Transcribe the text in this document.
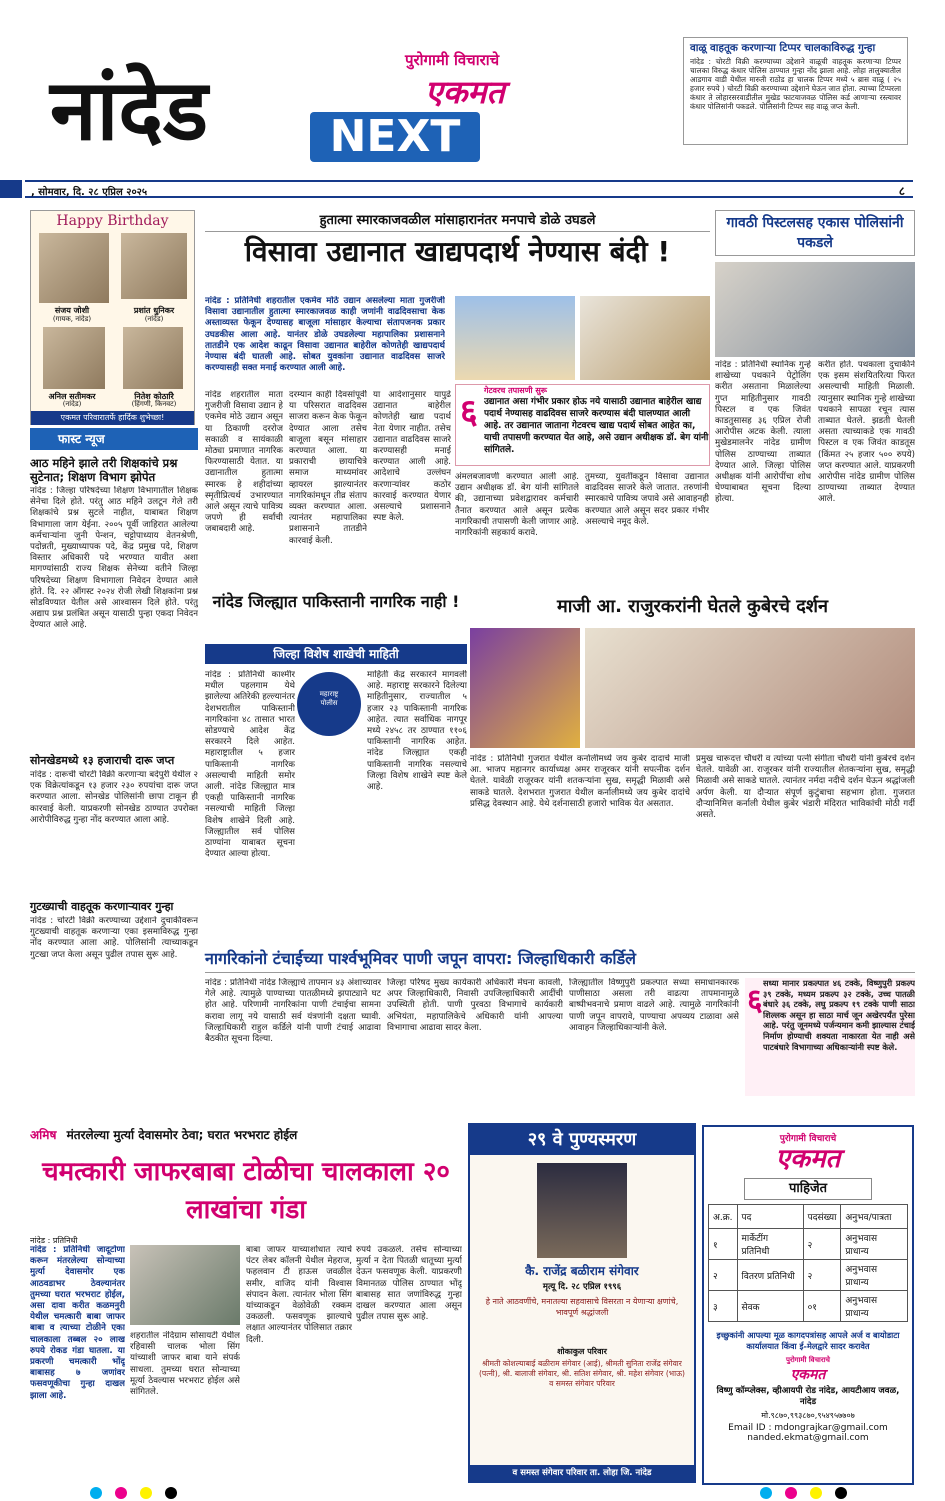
नांदेड
पुरोगामी विचाराचे
एकमत
NEXT
वाळू वाहतूक करणाऱ्या टिप्पर चालकाविरुद्ध गुन्हा
नांदेड : चोरटी विक्री करण्याच्या उद्देशाने वाळूची वाहतूक करणाऱ्या टिप्पर चालका विरुद्ध कंधार पोलिस ठाण्यात गुन्हा नोंद झाला आहे. लोहा तालुक्यातील आडगाव वाडी येथील मारुती राठोड हा चालक टिप्पर मध्ये ५ ब्रास वाळू ( २५ हजार रुपये ) चोरटी विक्री करण्याच्या उद्देशाने घेऊन जात होता. त्याच्या टिप्परला कंधार ते लोहारसरवाडीतील मुखेड फाटयाजवळ पोलिस कर्ड आणाऱ्या रस्त्यावर कंधार पोलिसांनी पकडले. पोलिसांनी टिप्पर सह वाळू जप्त केली.
, सोमवार, दि. २८ एप्रिल २०२५	८
Happy Birthday
संजय जोशी
(गायक, नांदेड)
प्रशांत धुनिकर
(नांदेड)
अनिल सतीमकर
(नांदेड)
नितेश कोठारेि
(हिंगणी, किनवट)
एकमत परिवारातर्फे हार्दिक शुभेच्छा!
फास्ट न्यूज
आठ महिने झाले तरी शिक्षकांचे प्रश्न सुटेनात; शिक्षण विभाग झोपेत
नांदेड : जिल्हा परिषदेच्या शिक्षण विभागातील शिक्षक सेनेचा दिले होते. परंतु आठ महिने उलटून गेले तरी शिक्षकांचे प्रश्न सुटले नाहीत, याबाबत शिक्षण विभागाला जाग येईना. २००५ पूर्वी जाहिरात आलेल्या कर्मचाऱ्यांना जुनी पेन्शन, चट्टोपाध्याय वेतनश्रेणी, पदोन्नती, मुख्याध्यापक पदे, केंद्र प्रमुख पदे, शिक्षण विस्तार अधिकारी पदे भरण्यात यावीत अशा मागण्यांसाठी राज्य शिक्षक सेनेच्या वतीने जिल्हा परिषदेच्या शिक्षण विभागाला निवेदन देण्यात आले होते. दि. २२ ऑगस्ट २०२४ रोजी लेखी शिक्षकांना प्रश्न सोडविण्यात येतील असे आश्वासन दिले होते. परंतु अद्याप प्रश्न प्रलंबित असून यासाठी पुन्हा एकदा निवेदन देण्यात आले आहे.
सोनखेडमध्ये १३ हजाराची दारू जप्त
नांदेड : दारूची चोरटी विक्री करणाऱ्या बदेपुरी येथील २ एक विक्रेत्यांकडून १३ हजार २३० रुपयांचा दारू जप्त करण्यात आला. सोनखेड पोलिसांनी छापा टाकून ही कारवाई केली. याप्रकरणी सोनखेड ठाण्यात उपरोक्त आरोपीविरुद्ध गुन्हा नोंद करण्यात आला आहे.
गुटख्याची वाहतूक करणाऱ्यावर गुन्हा
नांदेड : चोरटी विक्री करण्याच्या उद्देशाने दुचाकीवरून गुटख्याची वाहतूक करणाऱ्या एका इसमाविरुद्ध गुन्हा नोंद करण्यात आला आहे. पोलिसांनी त्याच्याकडून गुटखा जप्त केला असून पुढील तपास सुरू आहे.
हुतात्मा स्मारकाजवळील मांसाहारानंतर मनपाचे डोळे उघडले
विसावा उद्यानात खाद्यपदार्थ नेण्यास बंदी !
नांदेड : प्रतिनिधी शहरातील एकमेव मोठे उद्यान असलेल्या माता गुजरीजी विसावा उद्यानातील हुतात्मा स्मारकाजवळ काही जणांनी वाढदिवसाचा केक अस्ताव्यस्त फेकून देण्यासह बाजूला मांसाहार केल्याचा संतापजनक प्रकार उघडकीस आला आहे. यानंतर डोळे उघडलेल्या महापालिका प्रशासनाने तातडीने एक आदेश काढून विसावा उद्यानात बाहेरील कोणतेही खाद्यपदार्थ नेण्यास बंदी घातली आहे. सोबत युवकांना उद्यानात वाढदिवस साजरे करण्यासही सक्त मनाई करण्यात आली आहे.
गेटवरच तपासणी सुरू
उद्यानात असा गंभीर प्रकार होऊ नये यासाठी उद्यानात बाहेरील खाद्य पदार्थ नेण्यासह वाढदिवस साजरे करण्यास बंदी घालण्यात आली आहे. तर उद्यानात जाताना गेटवरच खाद्य पदार्थ सोबत आहेत का, याची तपासणी करण्यात येत आहे, असे उद्यान अधीक्षक डॉ. बेग यांनी सांगितले.
६
नांदेड शहरातील माता गुजरीजी विसावा उद्यान हे एकमेव मोठे उद्यान असून या ठिकाणी दररोज सकाळी व सायंकाळी मोठ्या प्रमाणात नागरिक फिरण्यासाठी येतात. या उद्यानातील हुतात्मा स्मारक हे शहीदांच्या स्मृतीप्रित्यर्थ उभारण्यात आले असून त्याचे पावित्र्य जपणे ही सर्वांची जबाबदारी आहे.
दरम्यान काही दिवसांपूर्वी या परिसरात वाढदिवस साजरा करून केक फेकून देण्यात आला तसेच बाजूला बसून मांसाहार करण्यात आला. या प्रकाराची छायाचित्रे समाज माध्यमांवर व्हायरल झाल्यानंतर नागरिकांमधून तीव्र संताप व्यक्त करण्यात आला. त्यानंतर महापालिका प्रशासनाने तातडीने कारवाई केली.
या आदेशानुसार यापुढे उद्यानात बाहेरील कोणतेही खाद्य पदार्थ नेता येणार नाहीत. तसेच उद्यानात वाढदिवस साजरे करण्यासही मनाई करण्यात आली आहे. आदेशाचे उल्लंघन करणाऱ्यांवर कठोर कारवाई करण्यात येणार असल्याचे प्रशासनाने स्पष्ट केले.
अंमलबजावणी करण्यात आली आहे. उद्यान अधीक्षक डॉ. बेग यांनी सांगितले की, उद्यानाच्या प्रवेशद्वारावर कर्मचारी तैनात करण्यात आले असून प्रत्येक नागरिकाची तपासणी केली जाणार आहे. नागरिकांनी सहकार्य करावे.
तुमच्या, युवतींकडून विसावा उद्यानात वाढदिवस साजरे केले जातात. तरुणांनी स्मारकाचे पावित्र्य जपावे असे आवाहनही करण्यात आले असून सदर प्रकार गंभीर असल्याचे नमूद केले.
गावठी पिस्टलसह एकास पोलिसांनी पकडले
नांदेड : प्रतिनिधी स्थानिक गुन्हे शाखेच्या पथकाने पेट्रोलिंग करीत असताना मिळालेल्या गुप्त माहितीनुसार गावठी पिस्टल व एक जिवंत काडतुसासह ३६ एप्रिल रोजी आरोपीस अटक केली. त्याला मुखेडमालनेर नांदेड ग्रामीण पोलिस ठाण्याच्या ताब्यात देण्यात आले. जिल्हा पोलिस अधीक्षक यांनी आरोपींचा शोध घेण्याबाबत सूचना दिल्या होत्या.
करीत होते. पथकाला दुचाकीने एक इसम संशयितरित्या फिरत असल्याची माहिती मिळाली. त्यानुसार स्थानिक गुन्हे शाखेच्या पथकाने सापळा रचून त्यास ताब्यात घेतले. झडती घेतली असता त्याच्याकडे एक गावठी पिस्टल व एक जिवंत काडतूस (किंमत २५ हजार ५०० रुपये) जप्त करण्यात आले. याप्रकरणी आरोपीस नांदेड ग्रामीण पोलिस ठाण्याच्या ताब्यात देण्यात आले.
नांदेड जिल्ह्यात पाकिस्तानी नागरिक नाही !
जिल्हा विशेष शाखेची माहिती
महाराष्ट्र
पोलीस
नांदेड : प्रतिनिधी काश्मीर मधील पहलगाम येथे झालेल्या अतिरेकी हल्ल्यानंतर देशभरातील पाकिस्तानी नागरिकांना ४८ तासात भारत सोडण्याचे आदेश केंद्र सरकारने दिले आहेत. महाराष्ट्रातील ५ हजार पाकिस्तानी नागरिक असल्याची माहिती समोर आली. नांदेड जिल्ह्यात मात्र एकही पाकिस्तानी नागरिक नसल्याची माहिती जिल्हा विशेष शाखेने दिली आहे. जिल्ह्यातील सर्व पोलिस ठाण्यांना याबाबत सूचना देण्यात आल्या होत्या.
माहिती केंद्र सरकारने मागवली आहे. महाराष्ट्र सरकारने दिलेल्या माहितीनुसार, राज्यातील ५ हजार २३ पाकिस्तानी नागरिक आहेत. त्यात सर्वाधिक नागपूर मध्ये २४५८ तर ठाण्यात ११०६ पाकिस्तानी नागरिक आहेत. नांदेड जिल्ह्यात एकही पाकिस्तानी नागरिक नसल्याचे जिल्हा विशेष शाखेने स्पष्ट केले आहे.
माजी आ. राजुरकरांनी घेतले कुबेरचे दर्शन
नांदेड : प्रतिनिधी गुजरात येथील कर्नालीमध्ये जय कुबेर दादाचे माजी आ. भाजप महानगर कार्याध्यक्ष अमर राजूरकर यांनी सपत्नीक दर्शन घेतले. यावेळी राजूरकर यांनी शतकऱ्यांना सुख, समृद्धी मिळावी असे साकडे घातले. देशभरात गुजरात येथील कर्नालीमध्ये जय कुबेर दादांचे प्रसिद्ध देवस्थान आहे. येथे दर्शनासाठी हजारो भाविक येत असतात.
प्रमुख चारूदत्त चौधरी व त्यांच्या पत्नी संगीता चौधरी यांनी कुबेरचे दर्शन घेतले. यावेळी आ. राजूरकर यांनी राज्यातील शेतकऱ्यांना सुख, समृद्धी मिळावी असे साकडे घातले. त्यानंतर नर्मदा नदीचे दर्शन घेऊन श्रद्धांजली अर्पण केली. या दौऱ्यात संपूर्ण कुटुंबाचा सहभाग होता. गुजरात दौऱ्यानिमित्त कर्नाली येथील कुबेर भंडारी मंदिरात भाविकांची मोठी गर्दी असते.
नागरिकांनो टंचाईच्या पार्श्वभूमिवर पाणी जपून वापरा: जिल्हाधिकारी कर्डिले
नांदेड : प्रतिनिधी नांदेड जिल्ह्याचे तापमान ४३ अंशाच्यावर गेले आहे. त्यामुळे पाण्याच्या पातळीमध्ये झपाट्याने घट होत आहे. परिणामी नागरिकांना पाणी टंचाईचा सामना करावा लागू नये यासाठी सर्व यंत्रणांनी दक्षता घ्यावी. जिल्हाधिकारी राहुल कर्डिले यांनी पाणी टंचाई आढावा बैठकीत सूचना दिल्या.
जिल्हा परिषद मुख्य कार्यकारी अधिकारी मेघना कावली, अपर जिल्हाधिकारी, निवासी उपजिल्हाधिकारी आदींची उपस्थिती होती. पाणी पुरवठा विभागाचे कार्यकारी अभियंता, महापालिकेचे अधिकारी यांनी आपल्या विभागाचा आढावा सादर केला.
जिल्ह्यातील विष्णुपुरी प्रकल्पात सध्या समाधानकारक पाणीसाठा असला तरी वाढत्या तापमानामुळे बाष्पीभवनाचे प्रमाण वाढले आहे. त्यामुळे नागरिकांनी पाणी जपून वापरावे, पाण्याचा अपव्यय टाळावा असे आवाहन जिल्हाधिकाऱ्यांनी केले.
६ सध्या मानार प्रकल्पात ४६ टक्के, विष्णुपुरी प्रकल्प ३९ टक्के, मध्यम प्रकल्प ३२ टक्के, उच्च पातळी बंधारे ३६ टक्के, लघु प्रकल्प १९ टक्के पाणी साठा शिल्लक असून हा साठा मार्च जून अखेरपर्यंत पुरेसा आहे. परंतु जूनमध्ये पर्जन्यमान कमी झाल्यास टंचाई निर्माण होण्याची शक्यता नाकारता येत नाही असे पाटबंधारे विभागाच्या अधिकाऱ्यांनी स्पष्ट केले.
अमिष मंतरलेल्या मुर्त्या देवासमोर ठेवा; घरात भरभराट होईल
चमत्कारी जाफरबाबा टोळीचा चालकाला २० लाखांचा गंडा
नांदेड : प्रतिनिधी
नांदेड : प्रतिनिधी जादूटोणा करून मंतरलेल्या सोन्याच्या मुर्त्या देवासमोर एक आठवडाभर ठेवल्यानंतर तुमच्या घरात भरभराट होईल, असा दावा करीत कळमनुरी येथील चमत्कारी बाबा जाफर बाबा व त्याच्या टोळीने एका चालकाला तब्बल २० लाख रुपये रोकड गंडा घातला. या प्रकरणी चमत्कारी भोंदू बाबासह ७ जणांवर फसवणूकीचा गुन्हा दाखल झाला आहे.
शहरातील नंदिग्राम सोसायटी येथील रहिवासी चालक भोला सिंग यांच्याशी जाफर बाबा याने संपर्क साधला. तुमच्या घरात सोन्याच्या मूर्त्या ठेवल्यास भरभराट होईल असे सांगितले.
बाबा जाफर याच्याशोधात त्याचे पंटर लेबर कॉलनी येथील मेहराज, फहलवान टी हाऊस जवळील समीर, वाजिद यांनी विश्वास संपादन केला. त्यानंतर भोला सिंग यांच्याकडून वेळोवेळी रक्कम उकळली. फसवणूक झाल्याचे लक्षात आल्यानंतर पोलिसात तक्रार दिली.
रुपये उकळले. तसेच सोन्याच्या मुर्त्या न देता पितळी धातूच्या मुर्त्या देऊन फसवणूक केली. याप्रकरणी विमानतळ पोलिस ठाण्यात भोंदू बाबासह सात जणांविरुद्ध गुन्हा दाखल करण्यात आला असून पुढील तपास सुरू आहे.
२९ वे पुण्यस्मरण
कै. राजेंद्र बळीराम संगेवार
मृत्यू दि. २८ एप्रिल १९९६
हे नाते आठवणींचे, मनातल्या सहवासाचे विसरता न येणाऱ्या क्षणांचे, भावपूर्ण श्रद्धांजली
शोकाकुल परिवार
श्रीमती कोशल्याबाई बळीराम संगेवार (आई), श्रीमती सुनिता राजेंद्र संगेवार (पत्नी), श्री. बालाजी संगेवार, श्री. सतिश संगेवार, श्री. महेश संगेवार (भाऊ) व समस्त संगेवार परिवार
व समस्त संगेवार परिवार ता. लोहा जि. नांदेड
पुरोगामी विचाराचे
एकमत
पाहिजेत
अ.क्र.	पद	पदसंख्या	अनुभव/पात्रता
१	मार्केटींग प्रतिनिधी	२	अनुभवास प्राधान्य
२	वितरण प्रतिनिधी	२	अनुभवास प्राधान्य
३	सेवक	०१	अनुभवास प्राधान्य
इच्छुकांनी आपल्या मूळ कागदपत्रांसह आपले अर्ज व बायोडाटा कार्यालयात किंवा ई-मेलद्वारे सादर करावेत
पुरोगामी विचाराचे
एकमत
विष्णु कॉम्प्लेक्स, व्हीआयपी रोड नांदेड, आयटीआय जवळ, नांदेड
मो.९८७०,९९३८७०,९५४९५७७०७
Email ID : mdongrajkar@gmail.com
nanded.ekmat@gmail.com
